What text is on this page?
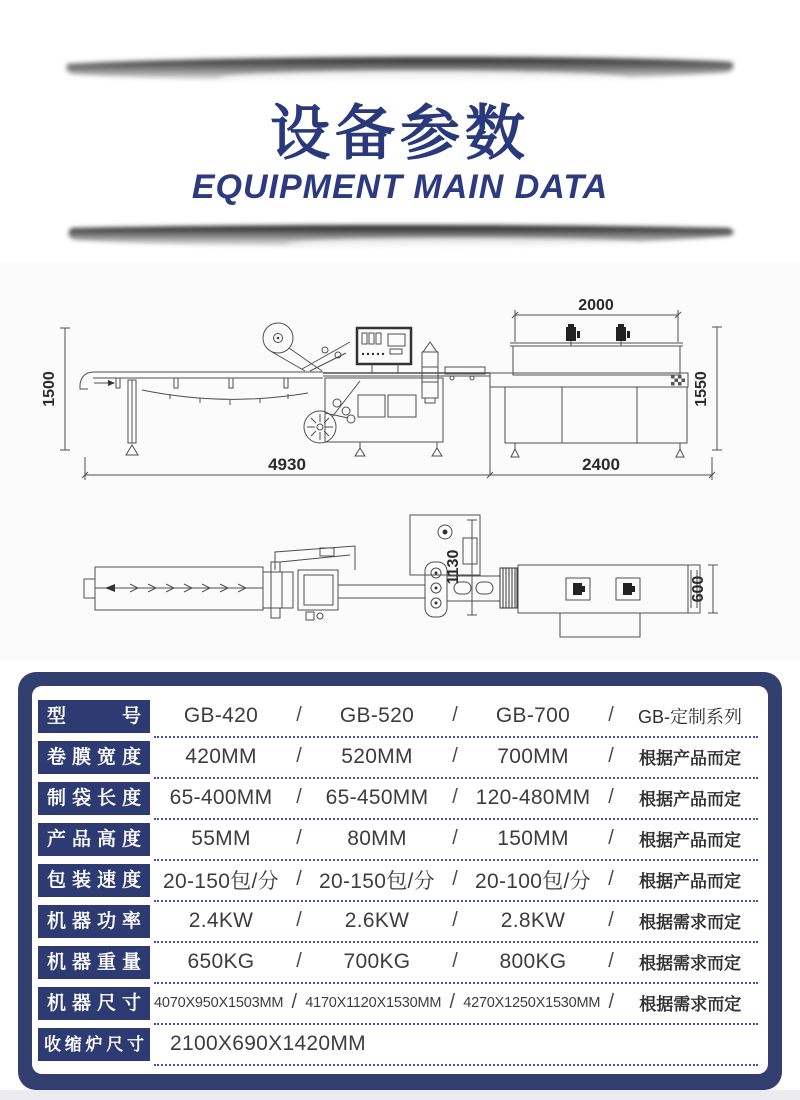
设备参数
EQUIPMENT MAIN DATA
2000
1500	1550
4930	2400
1130
600
型号	GB-420	/	GB-520	/	GB-700	/	GB-定制系列
卷膜宽度	420MM	/	520MM	/	700MM	/	根据产品而定
制袋长度	65-400MM	/	65-450MM	/ 120-480MM /	根据产品而定
产品高度	55MM	/	80MM	/	150MM	/	根据产品而定
包装速度	20-150包/分 / 20-150包/分 / 20-100包/分 /	根据产品而定
机器功率	2.4KW	/	2.6KW	/	2.8KW	/	根据需求而定
机器重量	650KG	/	700KG	/	800KG	/	根据需求而定
机器尺寸 4070X950X1503MM / 4170X1120X1530MM / 4270X1250X1530MM /	根据需求而定
收缩炉尺寸	2100X690X1420MM
